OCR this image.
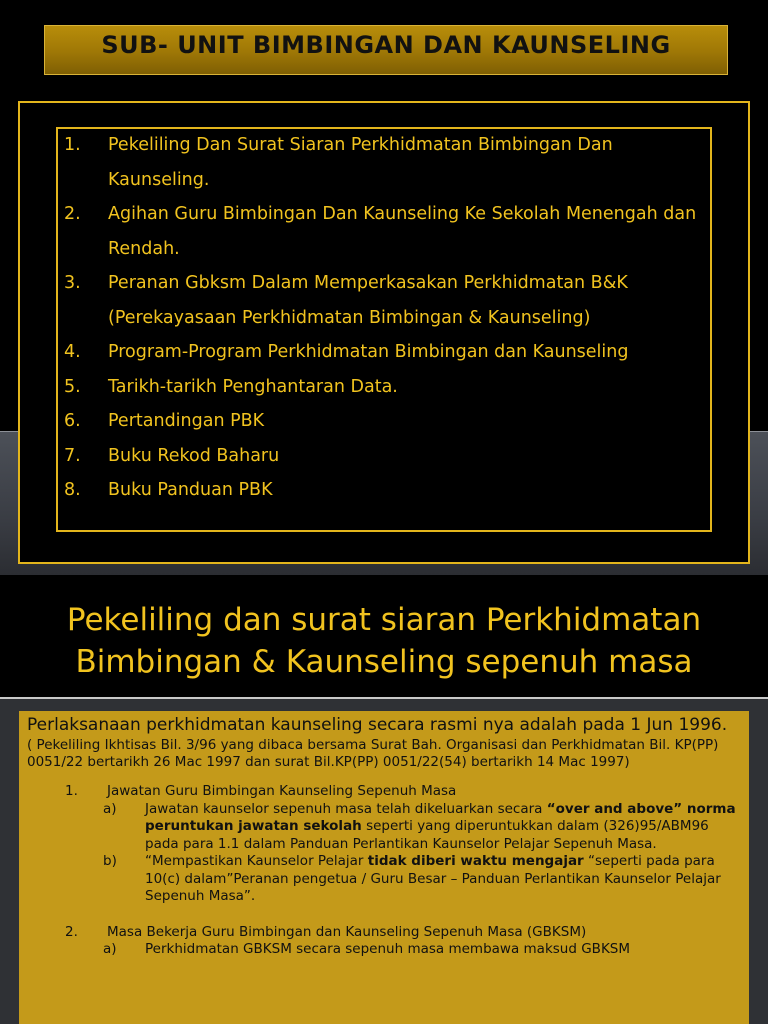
SUB- UNIT BIMBINGAN DAN KAUNSELING
1.	Pekeliling Dan Surat Siaran Perkhidmatan Bimbingan Dan Kaunseling.
2.	Agihan Guru Bimbingan Dan Kaunseling Ke Sekolah Menengah dan Rendah.
3.	Peranan Gbksm Dalam Memperkasakan Perkhidmatan B&K (Perekayasaan Perkhidmatan Bimbingan & Kaunseling)
4.	Program-Program Perkhidmatan Bimbingan dan Kaunseling
5.	Tarikh-tarikh Penghantaran Data.
6.	Pertandingan PBK
7.	Buku Rekod Baharu
8.	Buku Panduan PBK
Pekeliling dan surat siaran Perkhidmatan
Bimbingan & Kaunseling sepenuh masa
Perlaksanaan perkhidmatan kaunseling secara rasmi nya adalah pada 1 Jun 1996.
( Pekeliling Ikhtisas Bil. 3/96 yang dibaca bersama Surat Bah. Organisasi dan Perkhidmatan Bil. KP(PP) 0051/22 bertarikh 26 Mac 1997 dan surat Bil.KP(PP) 0051/22(54) bertarikh 14 Mac 1997)
1.	Jawatan Guru Bimbingan Kaunseling Sepenuh Masa
a)	Jawatan kaunselor sepenuh masa telah dikeluarkan secara “over and above” norma peruntukan jawatan sekolah seperti yang diperuntukkan dalam (326)95/ABM96 pada para 1.1 dalam Panduan Perlantikan Kaunselor Pelajar Sepenuh Masa.
b)	“Mempastikan Kaunselor Pelajar tidak diberi waktu mengajar “seperti pada para 10(c) dalam”Peranan pengetua / Guru Besar – Panduan Perlantikan Kaunselor Pelajar Sepenuh Masa”.
2.	Masa Bekerja Guru Bimbingan dan Kaunseling Sepenuh Masa (GBKSM)
a)	Perkhidmatan GBKSM secara sepenuh masa membawa maksud GBKSM
